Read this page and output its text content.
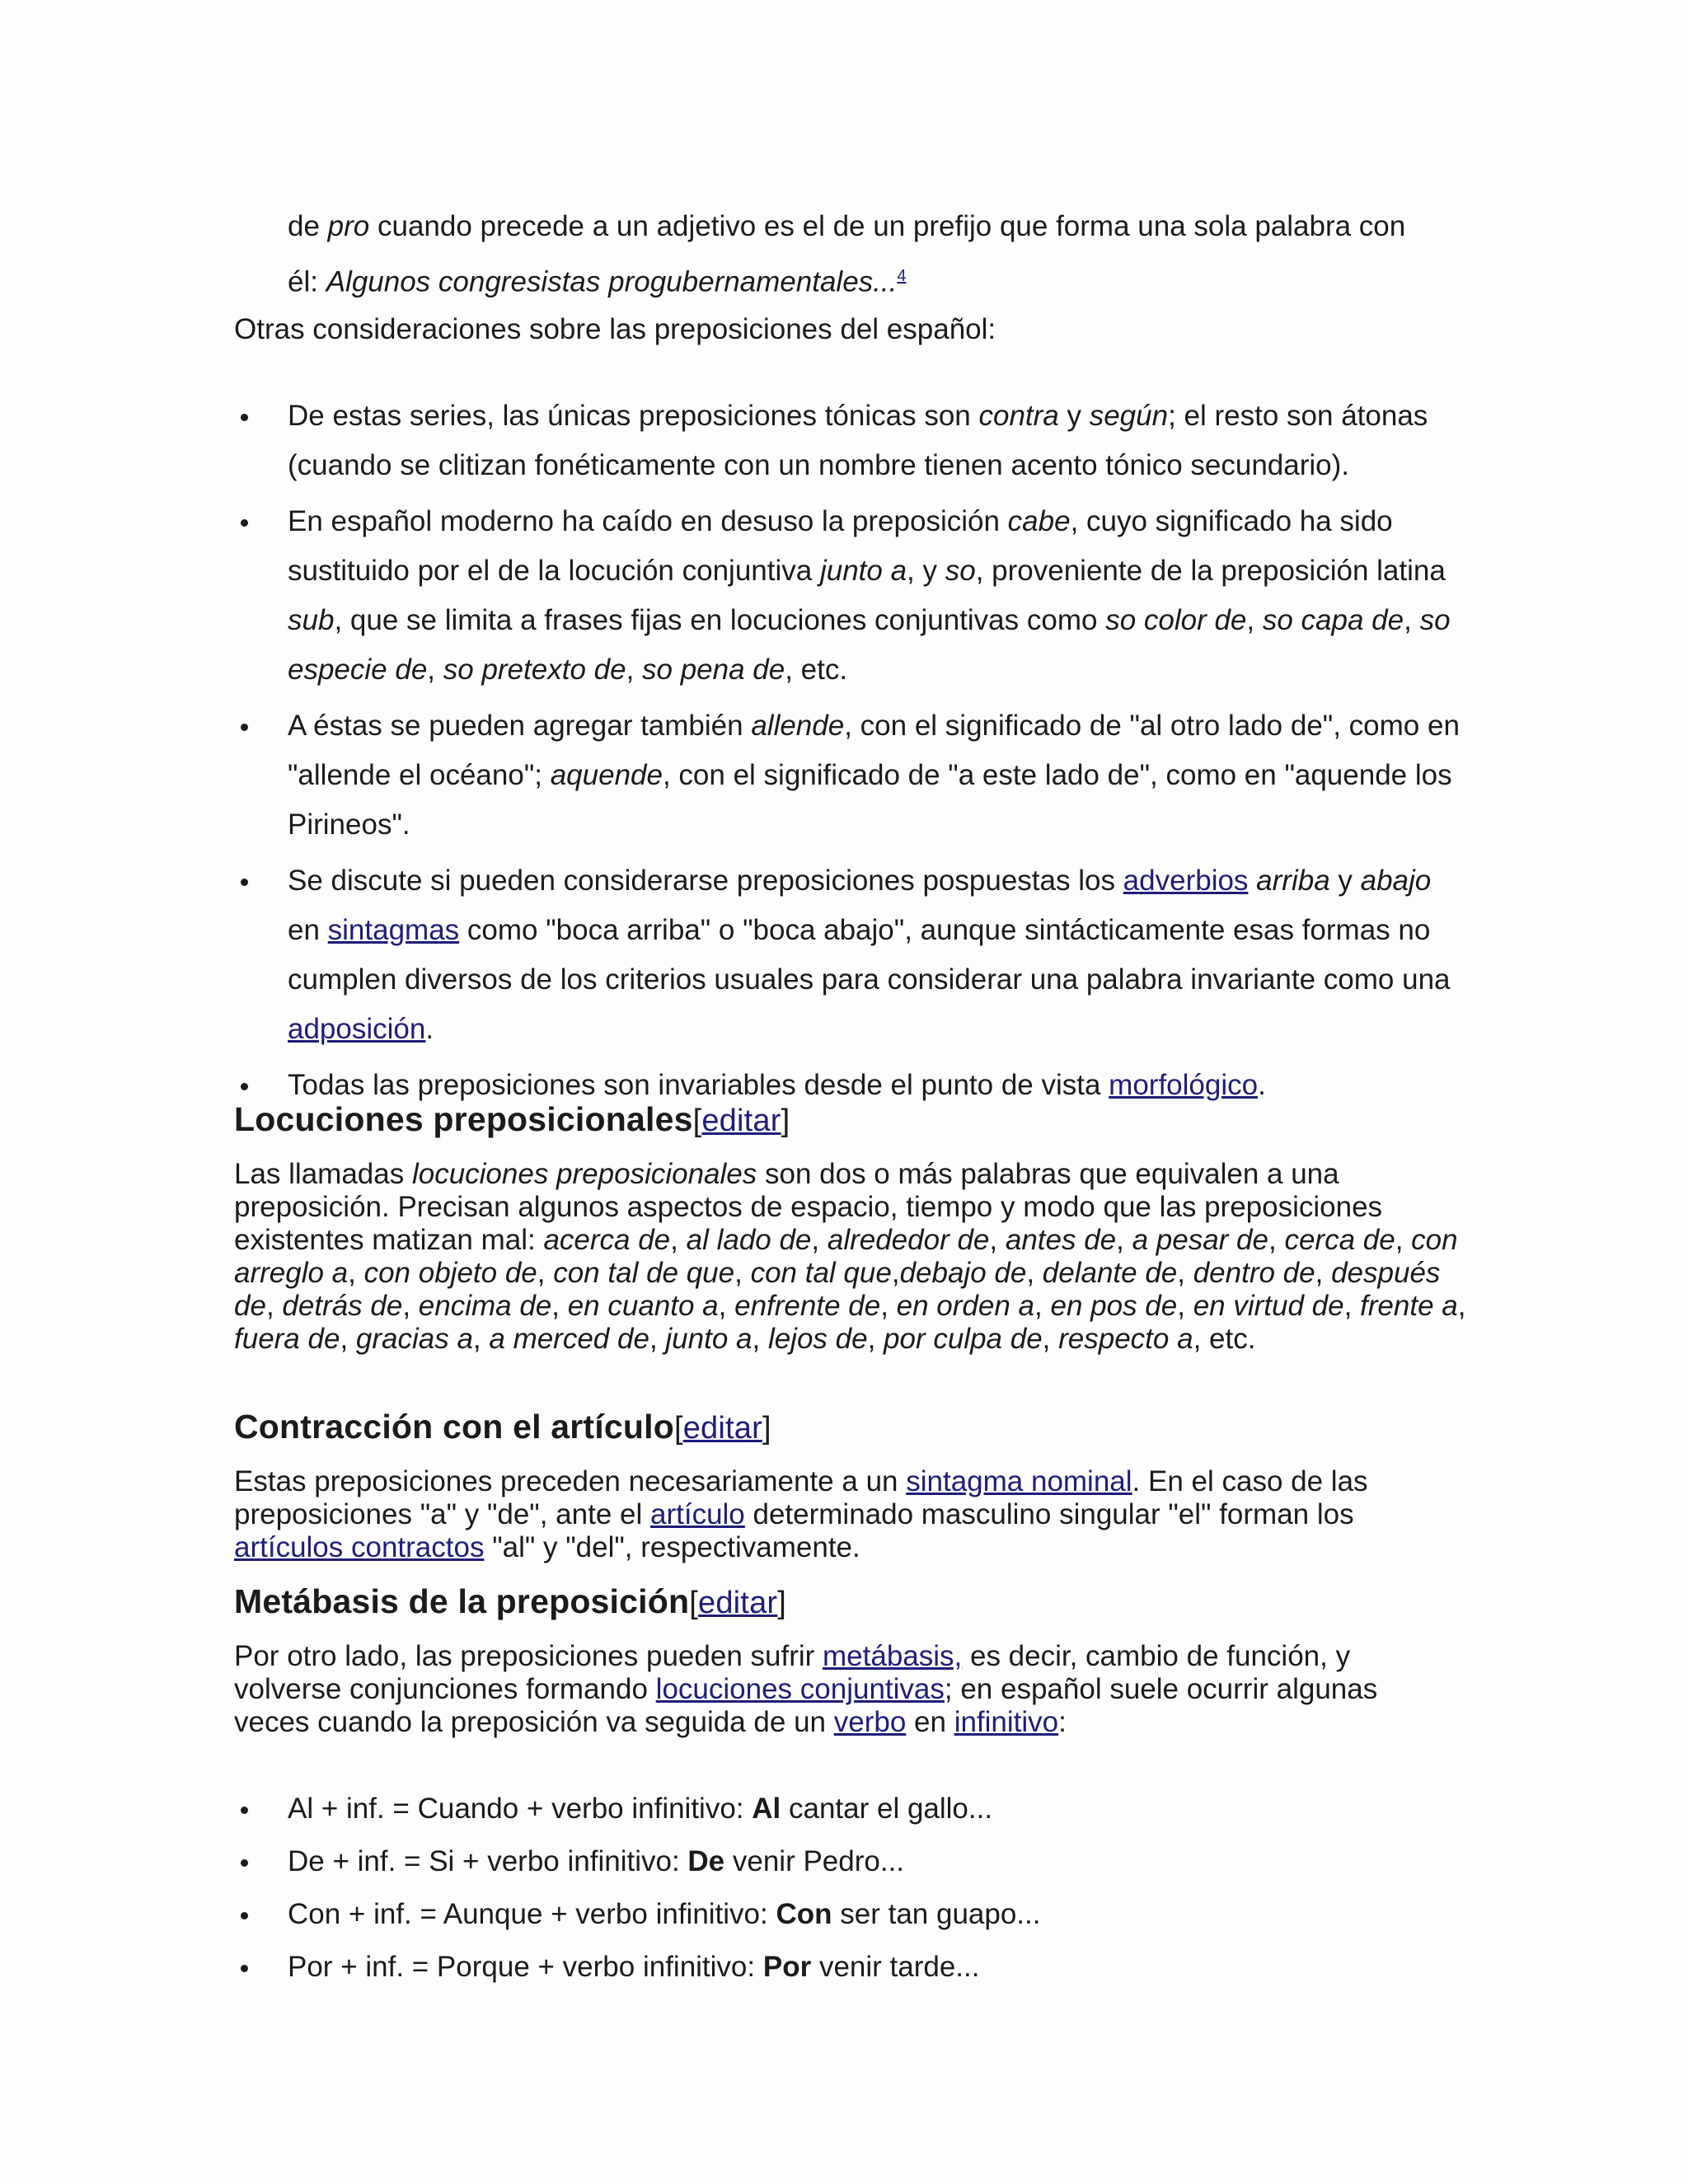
de pro cuando precede a un adjetivo es el de un prefijo que forma una sola palabra con
él: Algunos congresistas progubernamentales...$^4$

Otras consideraciones sobre las preposiciones del español:

De estas series, las únicas preposiciones tónicas son contra y según; el resto son átonas (cuando se clitizan fonéticamente con un nombre tienen acento tónico secundario).
En español moderno ha caído en desuso la preposición cabe, cuyo significado ha sido sustituido por el de la locución conjuntiva junto a, y so, proveniente de la preposición latina sub, que se limita a frases fijas en locuciones conjuntivas como so color de, so capa de, so especie de, so pretexto de, so pena de, etc.
A éstas se pueden agregar también allende, con el significado de "al otro lado de", como en "allende el océano"; aquende, con el significado de "a este lado de", como en "aquende los Pirineos".
Se discute si pueden considerarse preposiciones pospuestas los adverbios arriba y abajo en sintagmas como "boca arriba" o "boca abajo", aunque sintácticamente esas formas no cumplen diversos de los criterios usuales para considerar una palabra invariante como una adposición.
Todas las preposiciones son invariables desde el punto de vista morfológico.
Locuciones preposicionales[editar]

Las llamadas locuciones preposicionales son dos o más palabras que equivalen a una preposición. Precisan algunos aspectos de espacio, tiempo y modo que las preposiciones existentes matizan mal: acerca de, al lado de, alrededor de, antes de, a pesar de, cerca de, con arreglo a, con objeto de, con tal de que, con tal que,debajo de, delante de, dentro de, después de, detrás de, encima de, en cuanto a, enfrente de, en orden a, en pos de, en virtud de, frente a, fuera de, gracias a, a merced de, junto a, lejos de, por culpa de, respecto a, etc.

Contracción con el artículo[editar]

Estas preposiciones preceden necesariamente a un sintagma nominal. En el caso de las preposiciones "a" y "de", ante el artículo determinado masculino singular "el" forman los artículos contractos "al" y "del", respectivamente.

Metábasis de la preposición[editar]

Por otro lado, las preposiciones pueden sufrir metábasis, es decir, cambio de función, y volverse conjunciones formando locuciones conjuntivas; en español suele ocurrir algunas veces cuando la preposición va seguida de un verbo en infinitivo:

Al + inf. = Cuando + verbo infinitivo: Al cantar el gallo...
De + inf. = Si + verbo infinitivo: De venir Pedro...
Con + inf. = Aunque + verbo infinitivo: Con ser tan guapo...
Por + inf. = Porque + verbo infinitivo: Por venir tarde...
